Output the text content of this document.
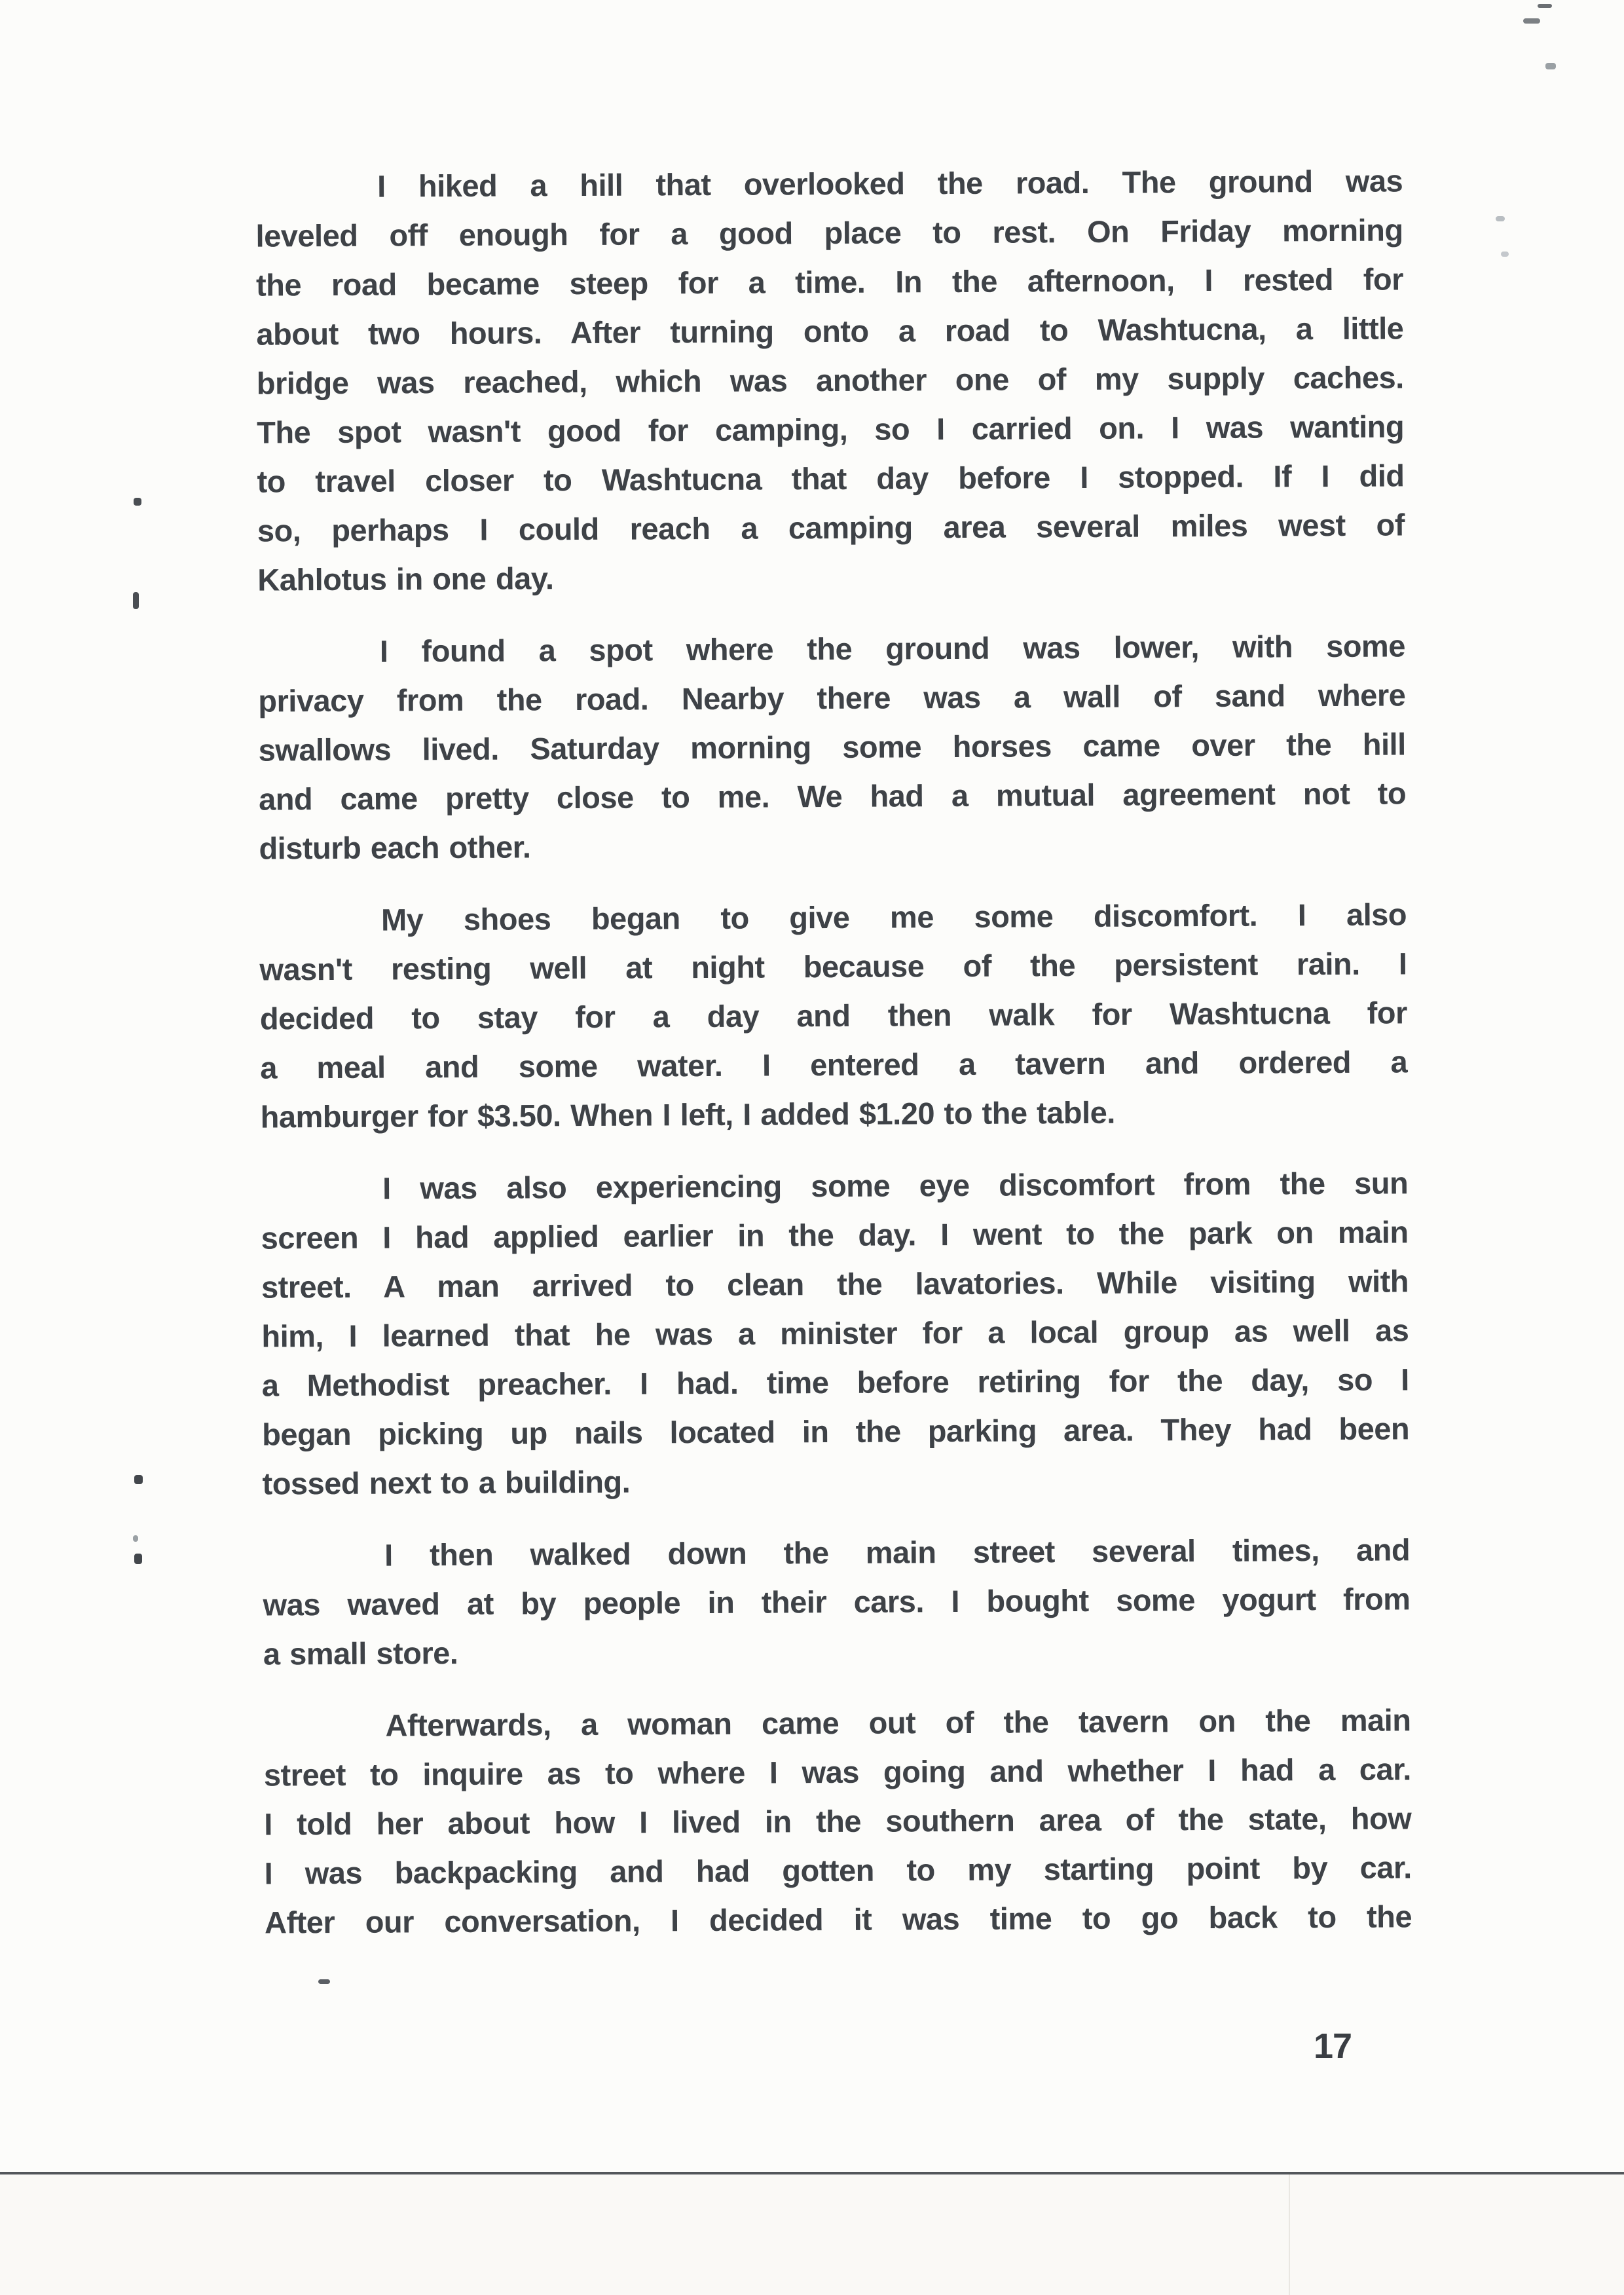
I hiked a hill that overlooked the road. The ground was
leveled off enough for a good place to rest. On Friday morning
the road became steep for a time. In the afternoon, I rested for
about two hours. After turning onto a road to Washtucna, a little
bridge was reached, which was another one of my supply caches.
The spot wasn't good for camping, so I carried on. I was wanting
to travel closer to Washtucna that day before I stopped. If I did
so, perhaps I could reach a camping area several miles west of
Kahlotus in one day.
I found a spot where the ground was lower, with some
privacy from the road. Nearby there was a wall of sand where
swallows lived. Saturday morning some horses came over the hill
and came pretty close to me. We had a mutual agreement not to
disturb each other.
My shoes began to give me some discomfort. I also
wasn't resting well at night because of the persistent rain. I
decided to stay for a day and then walk for Washtucna for
a meal and some water. I entered a tavern and ordered a
hamburger for $3.50. When I left, I added $1.20 to the table.
I was also experiencing some eye discomfort from the sun
screen I had applied earlier in the day. I went to the park on main
street. A man arrived to clean the lavatories. While visiting with
him, I learned that he was a minister for a local group as well as
a Methodist preacher. I had. time before retiring for the day, so I
began picking up nails located in the parking area. They had been
tossed next to a building.
I then walked down the main street several times, and
was waved at by people in their cars. I bought some yogurt from
a small store.
Afterwards, a woman came out of the tavern on the main
street to inquire as to where I was going and whether I had a car.
I told her about how I lived in the southern area of the state, how
I was backpacking and had gotten to my starting point by car.
After our conversation, I decided it was time to go back to the
17
